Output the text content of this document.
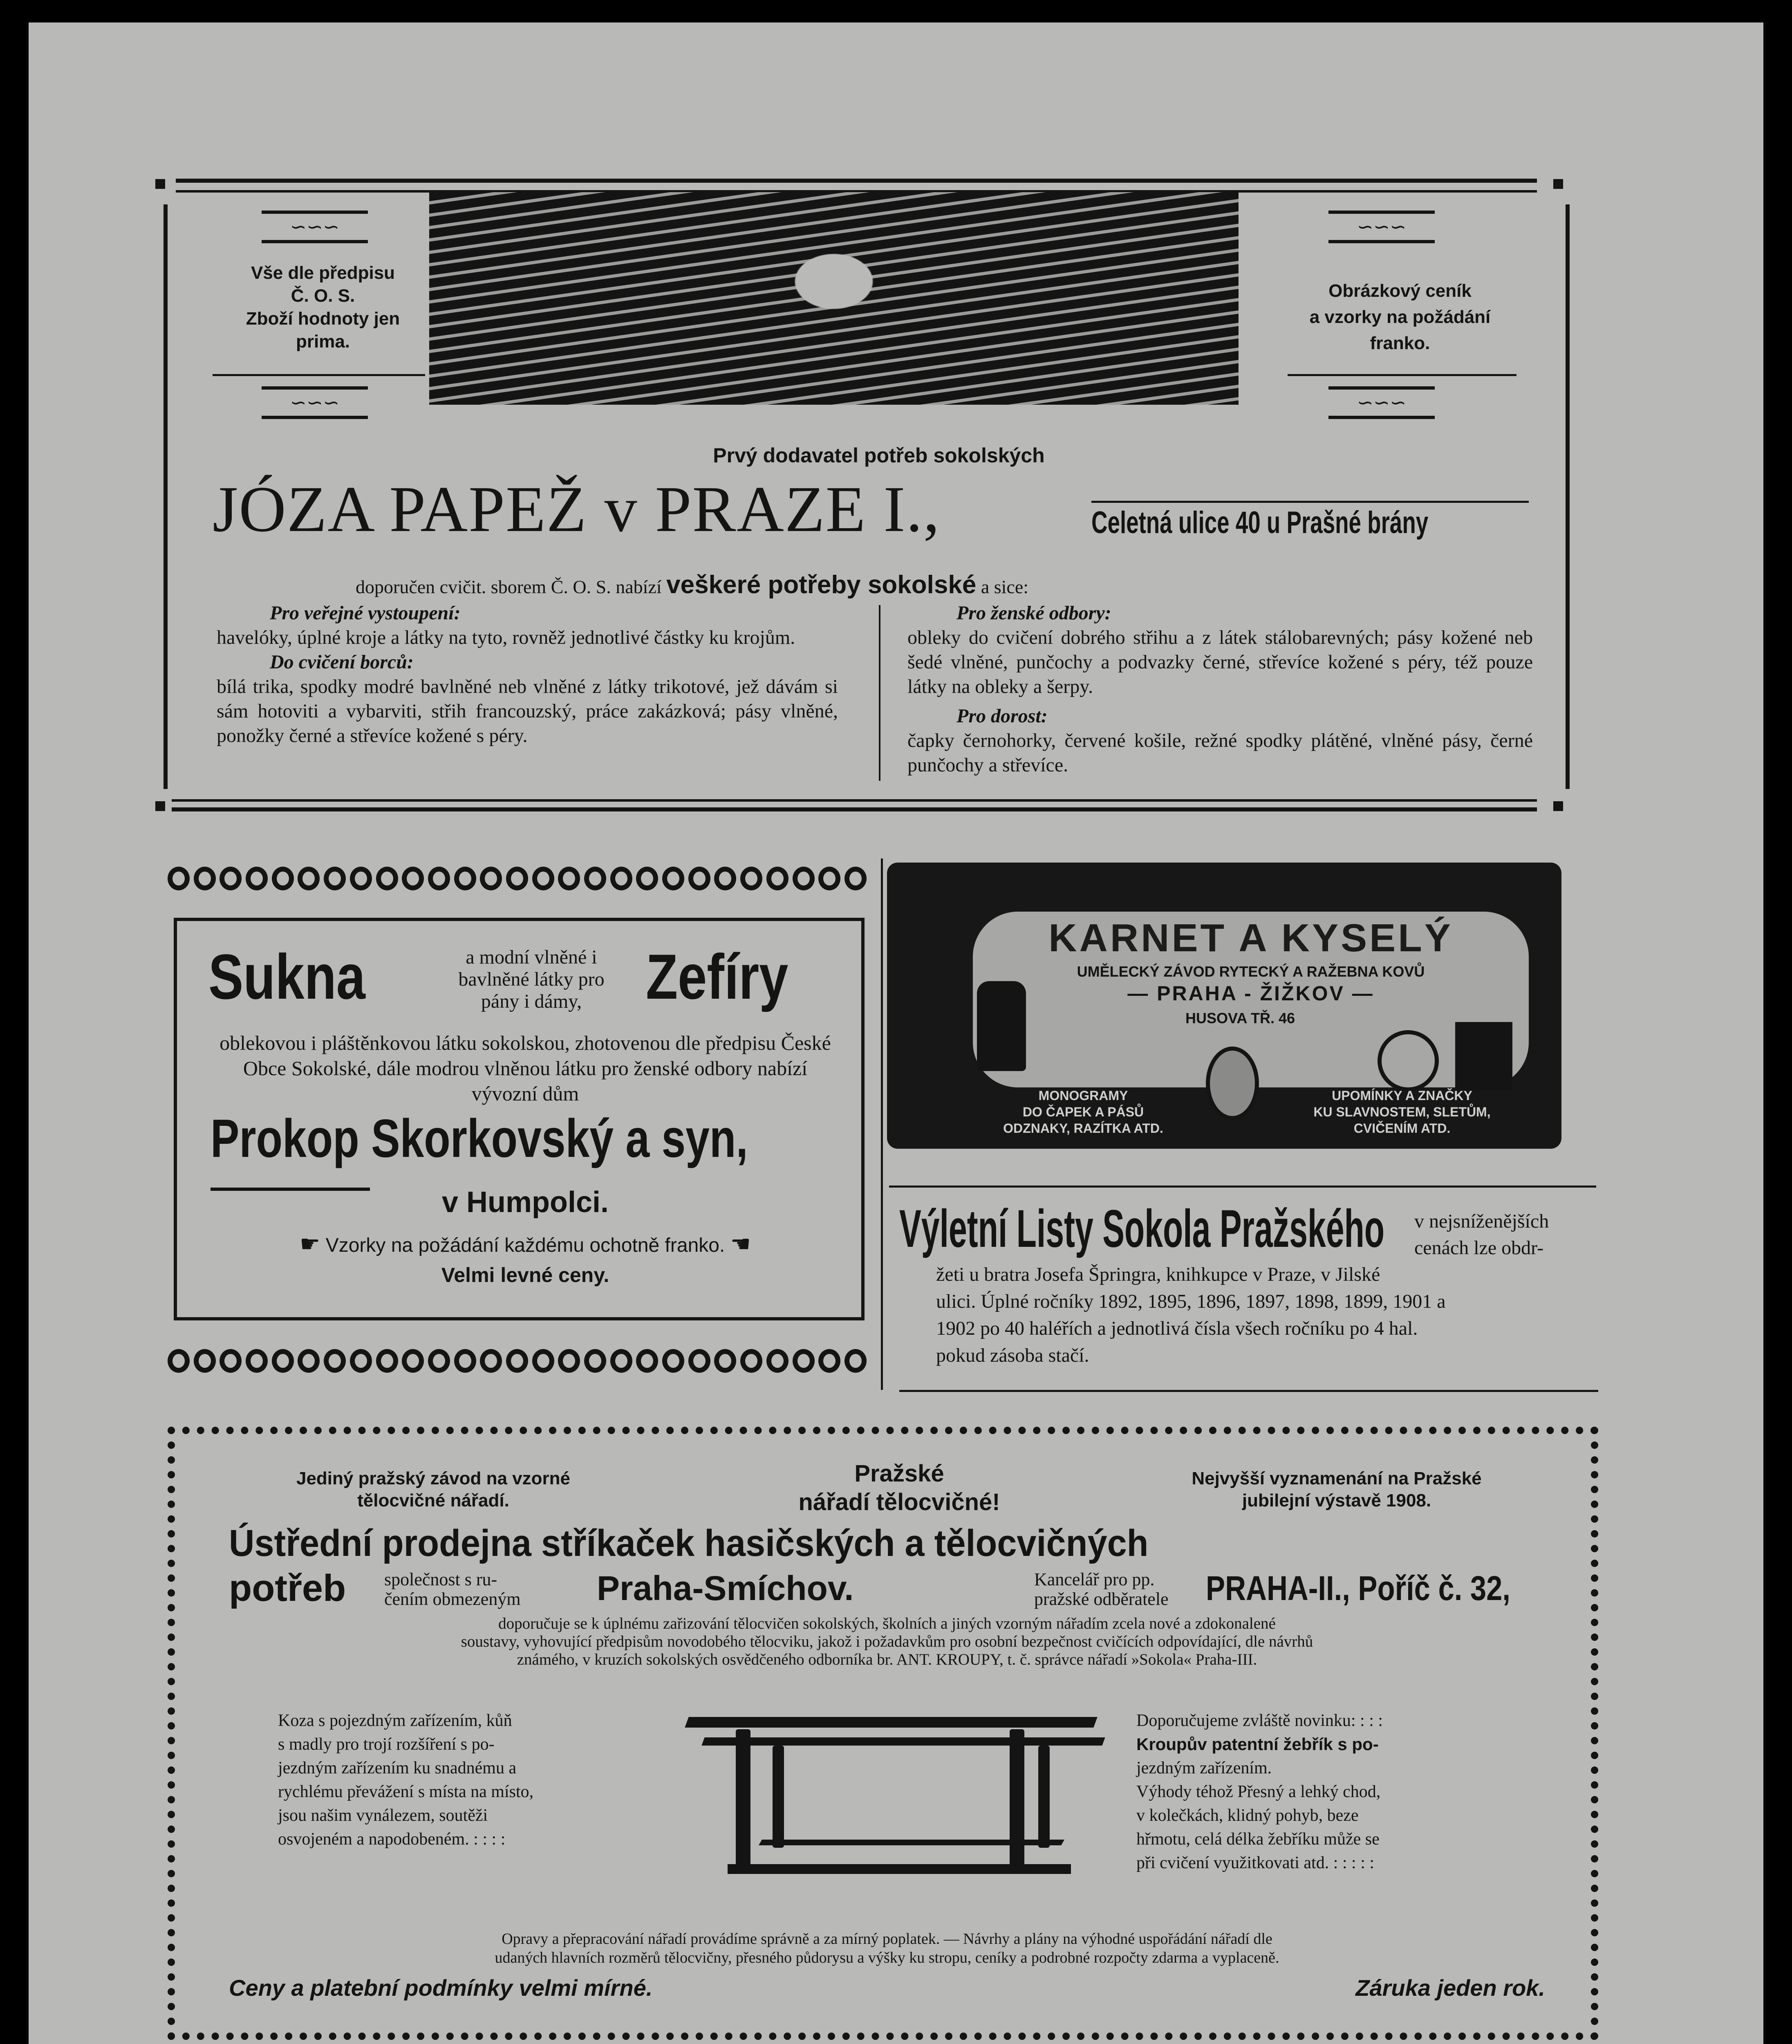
∽∽∽
Vše dle předpisu
Č. O. S.
Zboží hodnoty jen
prima.
∽∽∽
∽∽∽
Obrázkový ceník
a vzorky na požádání
franko.
∽∽∽
Prvý dodavatel potřeb sokolských
JÓZA PAPEŽ v PRAZE I.,	Celetná ulice 40 u Prašné brány
doporučen cvičit. sborem Č. O. S. nabízí veškeré potřeby sokolské a sice:
Pro veřejné vystoupení:
havelóky, úplné kroje a látky na tyto, rovněž jednotlivé částky ku krojům.
Do cvičení borců:
bílá trika, spodky modré bavlněné neb vlněné z látky trikotové, jež dávám si sám hotoviti a vybarviti, střih francouzský, práce zakázková; pásy vlněné, ponožky černé a střevíce kožené s péry.
Pro ženské odbory:
obleky do cvičení dobrého střihu a z látek stálobarevných; pásy kožené neb šedé vlněné, punčochy a podvazky černé, střevíce kožené s péry, též pouze látky na obleky a šerpy.
Pro dorost:
čapky černohorky, červené košile, režné spodky plátěné, vlněné pásy, černé punčochy a střevíce.
Sukna	a modní vlněné i
bavlněné látky pro
pány i dámy,	Zefíry
oblekovou i pláštěnkovou látku sokolskou, zhotovenou dle předpisu České Obce Sokolské, dále modrou vlněnou látku pro ženské odbory nabízí vývozní dům
Prokop Skorkovský a syn,
v Humpolci.
☛ Vzorky na požádání každému ochotně franko. ☚
Velmi levné ceny.
KARNET A KYSELÝ
UMĚLECKÝ ZÁVOD RYTECKÝ A RAŽEBNA KOVŮ
— PRAHA - ŽIŽKOV —
HUSOVA TŘ. 46
MONOGRAMY
DO ČAPEK A PÁSŮ
ODZNAKY, RAZÍTKA ATD.
UPOMÍNKY A ZNAČKY
KU SLAVNOSTEM, SLETŮM,
CVIČENÍM ATD.
Výletní Listy Sokola Pražského v nejsníženějších
cenách lze obdr-
žeti u bratra Josefa Špringra, knihkupce v Praze, v Jilské
ulici. Úplné ročníky 1892, 1895, 1896, 1897, 1898, 1899, 1901 a
1902 po 40 haléřích a jednotlivá čísla všech ročníku po 4 hal.
pokud zásoba stačí.
Jediný pražský závod na vzorné
tělocvičné nářadí.
Pražské
nářadí tělocvičné!
Nejvyšší vyznamenání na Pražské
jubilejní výstavě 1908.
Ústřední prodejna stříkaček hasičských a tělocvičných
potřeb společnost s ru-
čením obmezeným	Praha-Smíchov.	Kancelář pro pp.
pražské odběratele	PRAHA-II., Poříč č. 32,
doporučuje se k úplnému zařizování tělocvičen sokolských, školních a jiných vzorným nářadím zcela nové a zdokonalené
soustavy, vyhovující předpisům novodobého tělocviku, jakož i požadavkům pro osobní bezpečnost cvičících odpovídající, dle návrhů
známého, v kruzích sokolských osvědčeného odborníka br. ANT. KROUPY, t. č. správce nářadí »Sokola« Praha-III.
Koza s pojezdným zařízením, kůň
s madly pro trojí rozšíření s po-
jezdným zařízením ku snadnému a
rychlému převážení s místa na místo,
jsou našim vynálezem, soutěži
osvojeném a napodobeném. : : : :
Doporučujeme zvláště novinku: : : :
Kroupův patentní žebřík s po-
jezdným zařízením.
Výhody téhož Přesný a lehký chod,
v kolečkách, klidný pohyb, beze
hřmotu, celá délka žebříku může se
při cvičení využitkovati atd. : : : : :
Opravy a přepracování nářadí provádíme správně a za mírný poplatek. — Návrhy a plány na výhodné uspořádání nářadí dle
udaných hlavních rozměrů tělocvičny, přesného půdorysu a výšky ku stropu, ceníky a podrobné rozpočty zdarma a vyplaceně.
Ceny a platební podmínky velmi mírné.	Záruka jeden rok.
